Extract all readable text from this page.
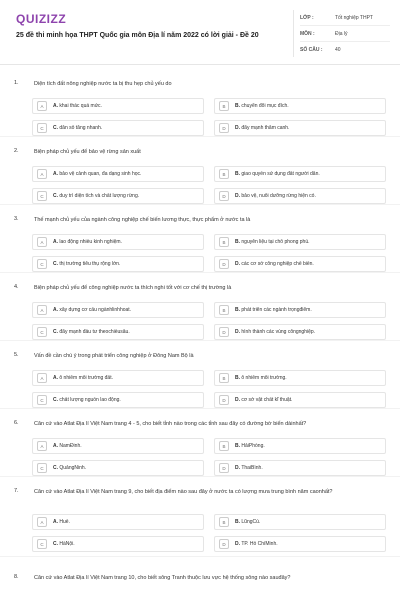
QUIZIZZ
25 đề thi minh họa THPT Quốc gia môn Địa lí năm 2022 có lời giải - Đề 20
LỚP :	Tốt nghiệp THPT
MÔN :	Địa lý
SỐ CÂU :	40
1.	Diện tích đất nông nghiệp nước ta bị thu hẹp chủ yếu do
A	A. khai thác quá mức.	B	B. chuyển đổi mục đích.
C	C. dân số tăng nhanh.	D	D. đẩy mạnh thâm canh.
2.	Biện pháp chủ yếu để bảo vệ rừng sản xuất
A	A. bảo vệ cảnh quan, đa dạng sinh học.	B	B. giao quyền sử dụng đất người dân.
C	C. duy trì diện tích và chất lượng rừng.	D	D. bảo vệ, nuôi dưỡng rừng hiện có.
3.	Thế mạnh chủ yếu của ngành công nghiệp chế biến lương thực, thực phẩm ở nước ta là
A	A. lao động nhiều kinh nghiệm.	B	B. nguyên liệu tại chỗ phong phú.
C	C. thị trường tiêu thụ rộng lớn.	D	D. các cơ sở công nghiệp chế biến.
4.	Biện pháp chủ yếu để công nghiệp nước ta thích nghi tốt với cơ chế thị trường là
A	A. xây dựng cơ cấu ngànhlinhhoat.	B	B. phát triển các ngành trọngđiểm.
C	C. đẩy mạnh đầu tư theochiềusâu.	D	D. hình thành các vùng côngnghiệp.
5.	Vấn đề cần chú ý trong phát triển công nghiệp ở Đông Nam Bộ là
A	A. ô nhiễm môi trường đất.	B	B. ô nhiễm môi trường.
C	C. chất lượng nguồn lao động.	D	D. cơ sở vật chất kĩ thuật.
6.	Căn cứ vào Atlat Địa lí Việt Nam trang 4 - 5, cho biết tỉnh nào trong các tỉnh sau đây có đường bờ biển dàinhất?
A	A. NamĐinh.	B	B. HảiPhòng.
C	C. QuảngNinh.	D	D. ThaiBình.
7.	Căn cứ vào Atlat Địa lí Việt Nam trang 9, cho biết địa điểm nào sau đây ở nước ta có lượng mưa trung bình năm caonhất?
A	A. Huế.	B	B. LũngCú.
C	C. HàNội.	D	D. TP. Hồ ChíMinh.
8.	Căn cứ vào Atlat Địa lí Việt Nam trang 10, cho biết sông Tranh thuộc lưu vực hệ thống sông nào sauđây?
